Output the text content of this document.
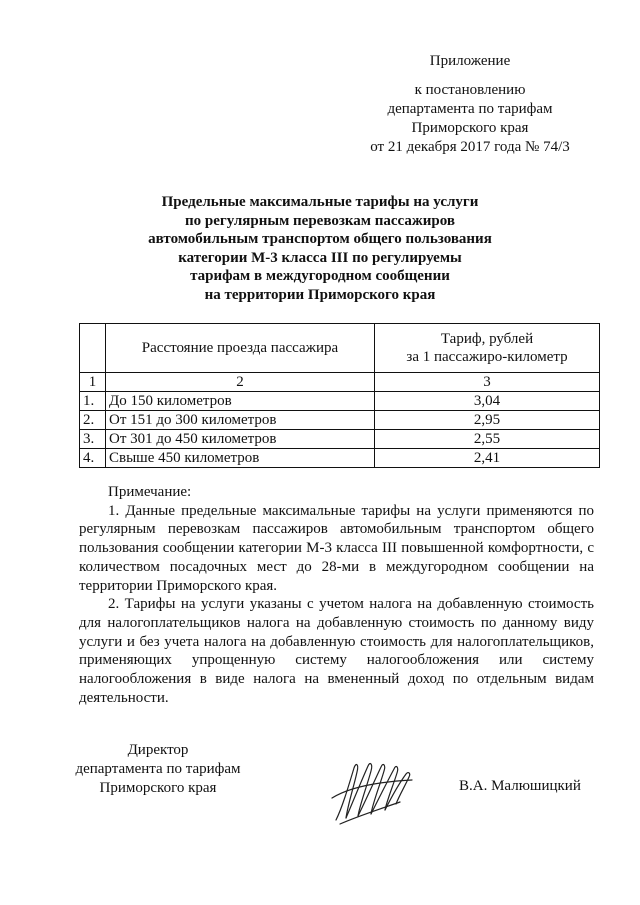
Приложение
к постановлению
департамента по тарифам
Приморского края
от 21 декабря 2017 года № 74/3
Предельные максимальные тарифы на услуги
по регулярным перевозкам пассажиров
автомобильным транспортом общего пользования
категории М-3 класса III по регулируемы
тарифам в междугородном сообщении
на территории Приморского края
	Расстояние проезда пассажира	Тариф, рублей
за 1 пассажиро-километр

1	2	3
1.	До 150 километров	3,04
2.	От 151 до 300 километров	2,95
3.	От 301 до 450 километров	2,55
4.	Свыше 450 километров	2,41
Примечание:

1. Данные предельные максимальные тарифы на услуги применяются по регулярным перевозкам пассажиров автомобильным транспортом общего пользования сообщении категории М-3 класса III повышенной комфортности, с количеством посадочных мест до 28-ми в междугородном сообщении на территории Приморского края.

2. Тарифы на услуги указаны с учетом налога на добавленную стоимость для налогоплательщиков налога на добавленную стоимость по данному виду услуги и без учета налога на добавленную стоимость для налогоплательщиков, применяющих упрощенную систему налогообложения или систему налогообложения в виде налога на вмененный доход по отдельным видам деятельности.

Директор
департамента по тарифам
Приморского края	В.А. Малюшицкий
